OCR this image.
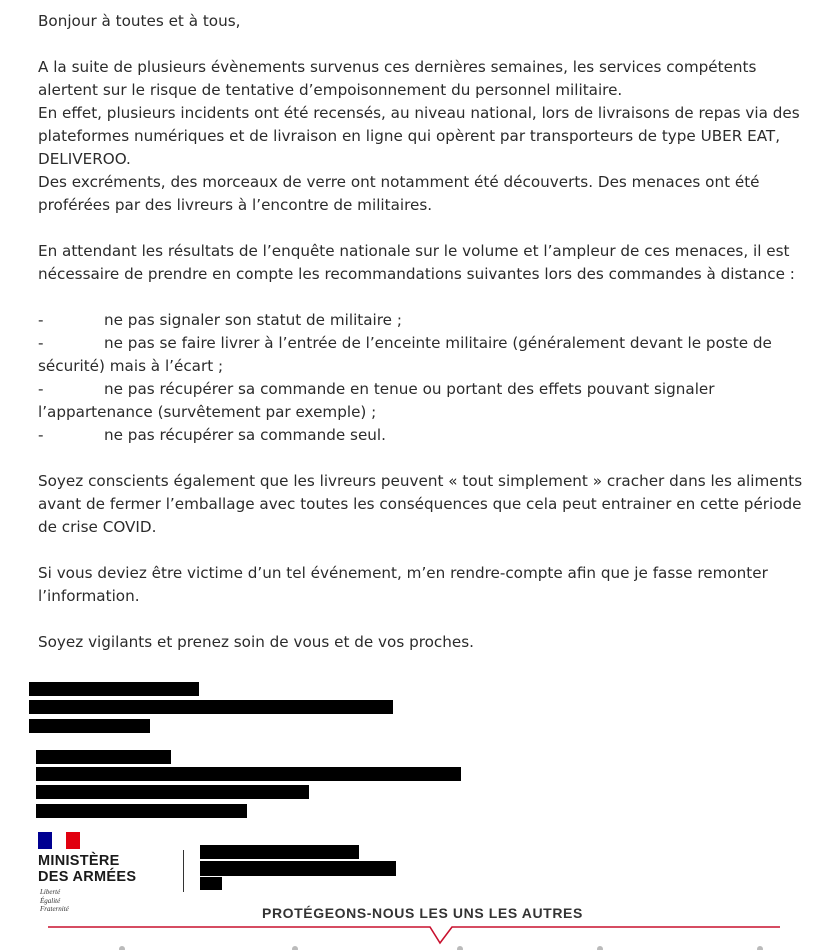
Bonjour à toutes et à tous,
A la suite de plusieurs évènements survenus ces dernières semaines, les services compétents
alertent sur le risque de tentative d’empoisonnement du personnel militaire.
En effet, plusieurs incidents ont été recensés, au niveau national, lors de livraisons de repas via des
plateformes numériques et de livraison en ligne qui opèrent par transporteurs de type UBER EAT,
DELIVEROO.
Des excréments, des morceaux de verre ont notamment été découverts. Des menaces ont été
proférées par des livreurs à l’encontre de militaires.
En attendant les résultats de l’enquête nationale sur le volume et l’ampleur de ces menaces, il est
nécessaire de prendre en compte les recommandations suivantes lors des commandes à distance :
-	ne pas signaler son statut de militaire ;
-	ne pas se faire livrer à l’entrée de l’enceinte militaire (généralement devant le poste de
sécurité) mais à l’écart ;
-	ne pas récupérer sa commande en tenue ou portant des effets pouvant signaler
l’appartenance (survêtement par exemple) ;
-	ne pas récupérer sa commande seul.
Soyez conscients également que les livreurs peuvent « tout simplement » cracher dans les aliments
avant de fermer l’emballage avec toutes les conséquences que cela peut entrainer en cette période
de crise COVID.
Si vous deviez être victime d’un tel événement, m’en rendre-compte afin que je fasse remonter
l’information.
Soyez vigilants et prenez soin de vous et de vos proches.
MINISTÈRE
DES ARMÉES
Liberté
Égalité
Fraternité	PROTÉGEONS-NOUS LES UNS LES AUTRES
